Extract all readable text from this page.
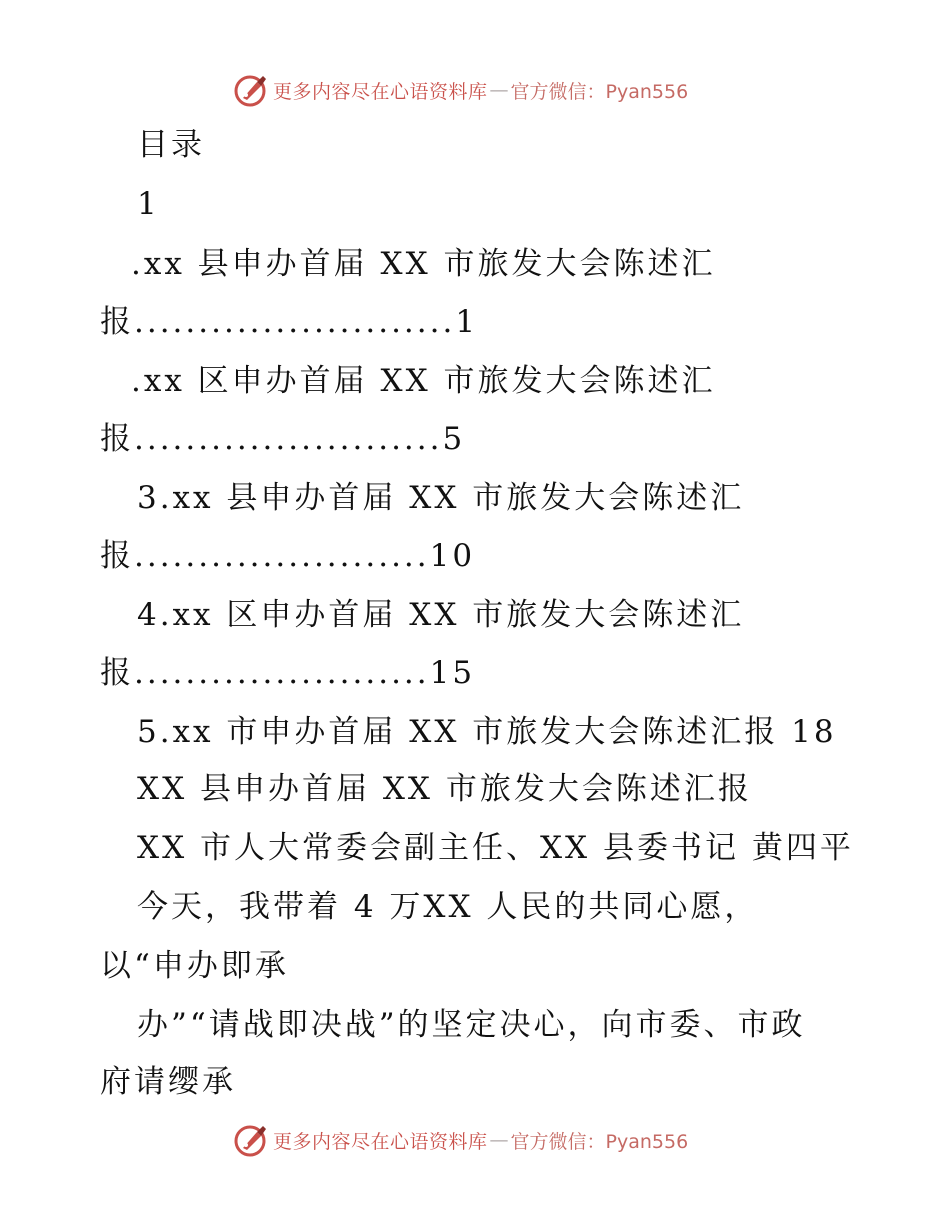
更多内容尽在心语资料库 — 官方微信：Pyan556
目录
1
.xx 县申办首届 XX 市旅发大会陈述汇
报.........................1
.xx 区申办首届 XX 市旅发大会陈述汇
报........................5
3.xx 县申办首届 XX 市旅发大会陈述汇
报.......................10
4.xx 区申办首届 XX 市旅发大会陈述汇
报.......................15
5.xx 市申办首届 XX 市旅发大会陈述汇报 18
XX 县申办首届 XX 市旅发大会陈述汇报
XX 市人大常委会副主任、XX 县委书记 黄四平
今天，我带着 4 万XX 人民的共同心愿，
以“申办即承
办”“请战即决战”的坚定决心，向市委、市政
府请缨承
更多内容尽在心语资料库 — 官方微信：Pyan556
